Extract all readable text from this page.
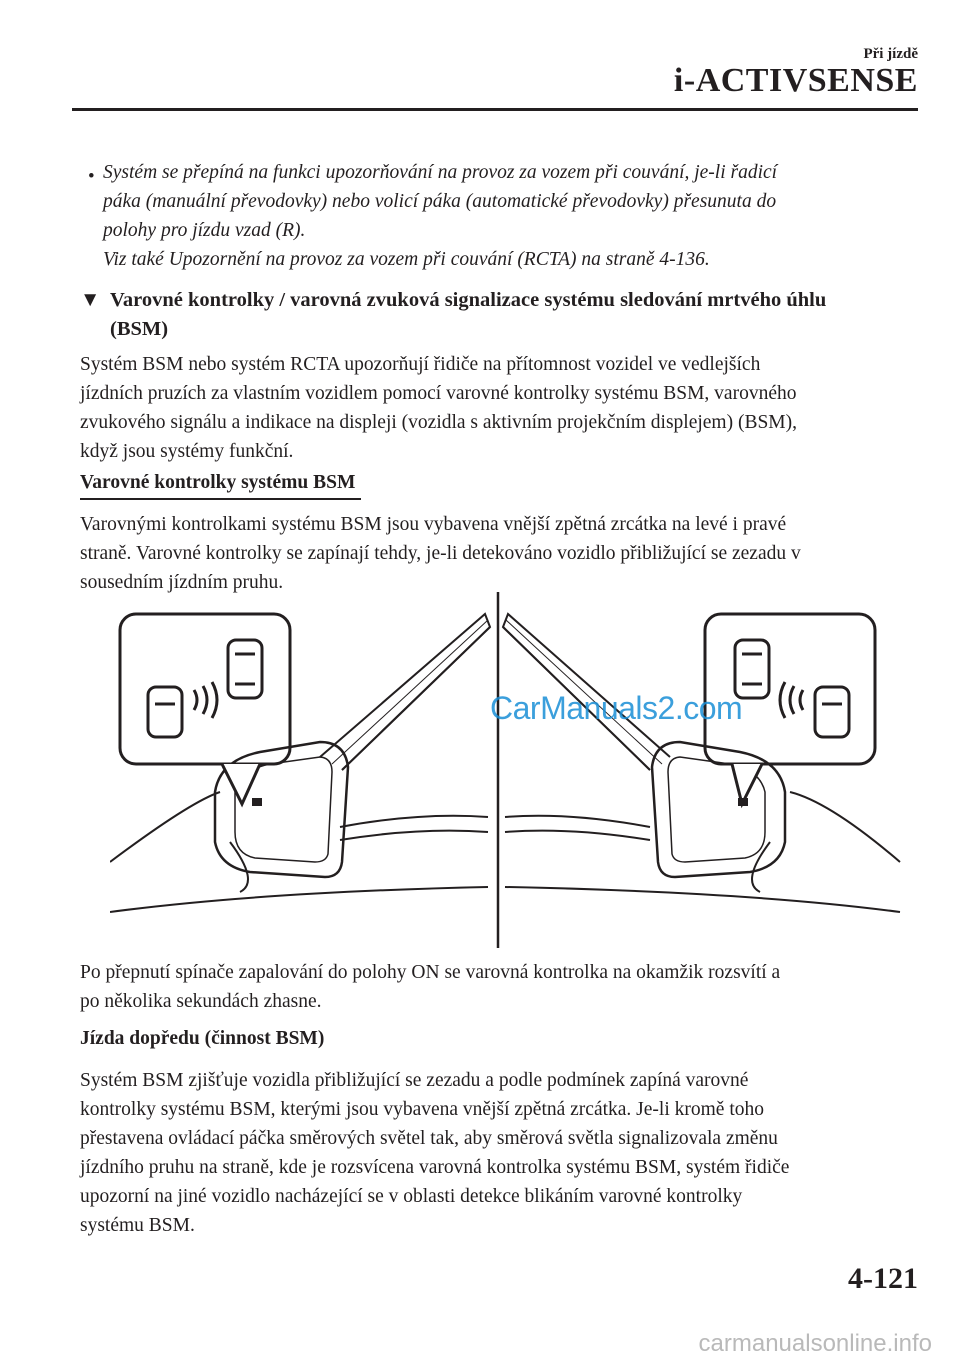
Při jízdě
i-ACTIVSENSE
• Systém se přepíná na funkci upozorňování na provoz za vozem při couvání, je-li řadicí
páka (manuální převodovky) nebo volicí páka (automatické převodovky) přesunuta do
polohy pro jízdu vzad (R).
Viz také Upozornění na provoz za vozem při couvání (RCTA) na straně 4-136.
▼ Varovné kontrolky / varovná zvuková signalizace systému sledování mrtvého úhlu
(BSM)
Systém BSM nebo systém RCTA upozorňují řidiče na přítomnost vozidel ve vedlejších
jízdních pruzích za vlastním vozidlem pomocí varovné kontrolky systému BSM, varovného
zvukového signálu a indikace na displeji (vozidla s aktivním projekčním displejem) (BSM),
když jsou systémy funkční.
Varovné kontrolky systému BSM
Varovnými kontrolkami systému BSM jsou vybavena vnější zpětná zrcátka na levé i pravé
straně. Varovné kontrolky se zapínají tehdy, je-li detekováno vozidlo přibližující se zezadu v
sousedním jízdním pruhu.
CarManuals2.com
Po přepnutí spínače zapalování do polohy ON se varovná kontrolka na okamžik rozsvítí a
po několika sekundách zhasne.
Jízda dopředu (činnost BSM)
Systém BSM zjišťuje vozidla přibližující se zezadu a podle podmínek zapíná varovné
kontrolky systému BSM, kterými jsou vybavena vnější zpětná zrcátka. Je-li kromě toho
přestavena ovládací páčka směrových světel tak, aby směrová světla signalizovala změnu
jízdního pruhu na straně, kde je rozsvícena varovná kontrolka systému BSM, systém řidiče
upozorní na jiné vozidlo nacházející se v oblasti detekce blikáním varovné kontrolky
systému BSM.
4-121
carmanualsonline.info
